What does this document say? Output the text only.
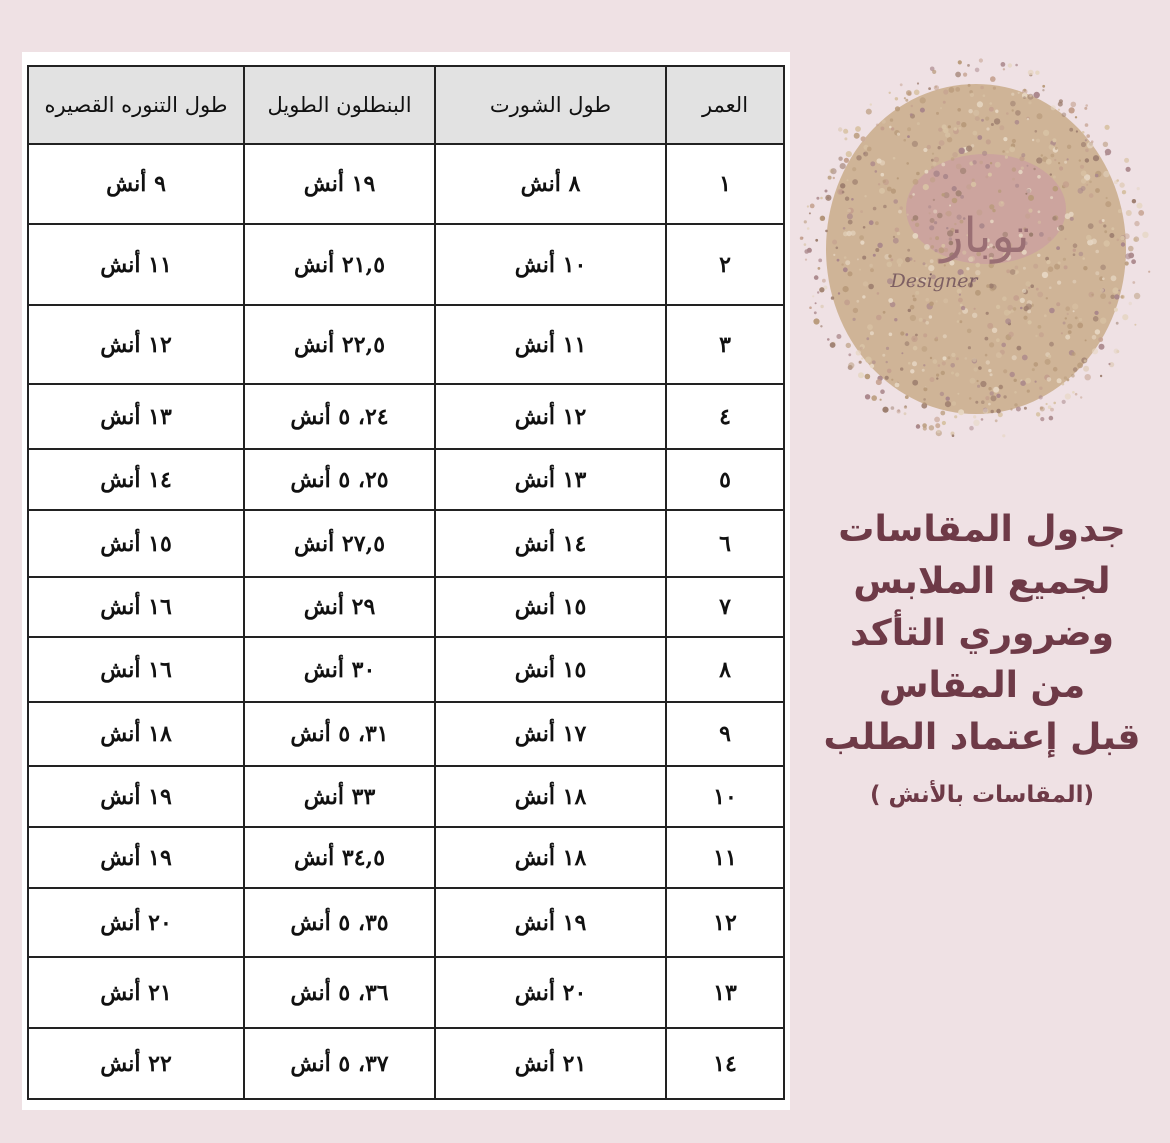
العمر	طول الشورت	البنطلون الطويل	طول التنوره القصيره
١	٨ أنش	١٩ أنش	٩ أنش
٢	١٠ أنش	٢١,٥ أنش	١١ أنش
٣	١١ أنش	٢٢,٥ أنش	١٢ أنش
٤	١٢ أنش	٢٤، ٥ أنش	١٣ أنش
٥	١٣ أنش	٢٥، ٥ أنش	١٤ أنش
٦	١٤ أنش	٢٧,٥ أنش	١٥ أنش
٧	١٥ أنش	٢٩ أنش	١٦ أنش
٨	١٥ أنش	٣٠ أنش	١٦ أنش
٩	١٧ أنش	٣١، ٥ أنش	١٨ أنش
١٠	١٨ أنش	٣٣ أنش	١٩ أنش
١١	١٨ أنش	٣٤,٥ أنش	١٩ أنش
١٢	١٩ أنش	٣٥، ٥ أنش	٢٠ أنش
١٣	٢٠ أنش	٣٦، ٥ أنش	٢١ أنش
١٤	٢١ أنش	٣٧، ٥ أنش	٢٢ أنش
توباز
Designer
جدول المقاسات
لجميع الملابس
وضروري التأكد
من المقاس
قبل إعتماد الطلب
(المقاسات بالأنش )
